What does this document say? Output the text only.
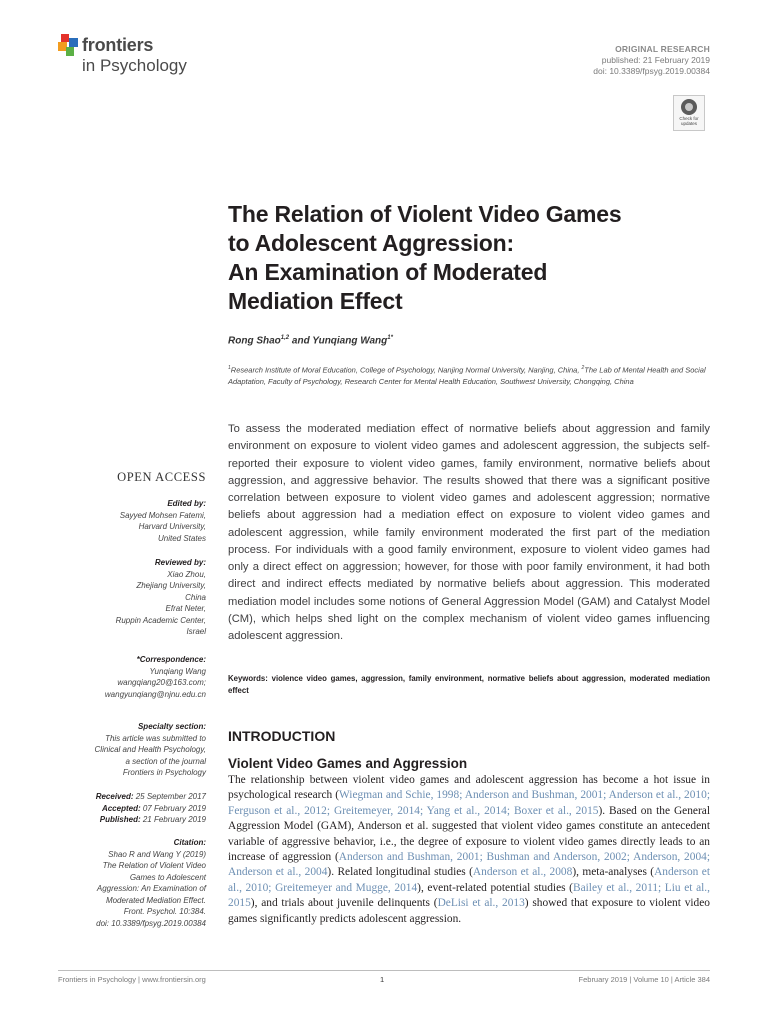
frontiers
in Psychology
ORIGINAL RESEARCH
published: 21 February 2019
doi: 10.3389/fpsyg.2019.00384
Check for
updates
The Relation of Violent Video Games
to Adolescent Aggression:
An Examination of Moderated
Mediation Effect
Rong Shao$^{1,2}$ and Yunqiang Wang$^{1*}$
$^1$Research Institute of Moral Education, College of Psychology, Nanjing Normal University, Nanjing, China, $^2$The Lab of Mental Health and Social Adaptation, Faculty of Psychology, Research Center for Mental Health Education, Southwest University, Chongqing, China
To assess the moderated mediation effect of normative beliefs about aggression and family environment on exposure to violent video games and adolescent aggression, the subjects self-reported their exposure to violent video games, family environment, normative beliefs about aggression, and aggressive behavior. The results showed that there was a significant positive correlation between exposure to violent video games and adolescent aggression; normative beliefs about aggression had a mediation effect on exposure to violent video games and adolescent aggression, while family environment moderated the first part of the mediation process. For individuals with a good family environment, exposure to violent video games had only a direct effect on aggression; however, for those with poor family environment, it had both direct and indirect effects mediated by normative beliefs about aggression. This moderated mediation model includes some notions of General Aggression Model (GAM) and Catalyst Model (CM), which helps shed light on the complex mechanism of violent video games influencing adolescent aggression.
Keywords: violence video games, aggression, family environment, normative beliefs about aggression, moderated mediation effect
OPEN ACCESS
Edited by:
Sayyed Mohsen Fatemi,
Harvard University,
United States
Reviewed by:
Xiao Zhou,
Zhejiang University,
China
Efrat Neter,
Ruppin Academic Center,
Israel
*Correspondence:
Yunqiang Wang
wangqiang20@163.com;
wangyunqiang@njnu.edu.cn
Specialty section:
This article was submitted to
Clinical and Health Psychology,
a section of the journal
Frontiers in Psychology
Received: 25 September 2017
Accepted: 07 February 2019
Published: 21 February 2019
Citation:
Shao R and Wang Y (2019)
The Relation of Violent Video
Games to Adolescent
Aggression: An Examination of
Moderated Mediation Effect.
Front. Psychol. 10:384.
doi: 10.3389/fpsyg.2019.00384
INTRODUCTION
Violent Video Games and Aggression
The relationship between violent video games and adolescent aggression has become a hot issue in psychological research (Wiegman and Schie, 1998; Anderson and Bushman, 2001; Anderson et al., 2010; Ferguson et al., 2012; Greitemeyer, 2014; Yang et al., 2014; Boxer et al., 2015). Based on the General Aggression Model (GAM), Anderson et al. suggested that violent video games constitute an antecedent variable of aggressive behavior, i.e., the degree of exposure to violent video games directly leads to an increase of aggression (Anderson and Bushman, 2001; Bushman and Anderson, 2002; Anderson, 2004; Anderson et al., 2004). Related longitudinal studies (Anderson et al., 2008), meta-analyses (Anderson et al., 2010; Greitemeyer and Mugge, 2014), event-related potential studies (Bailey et al., 2011; Liu et al., 2015), and trials about juvenile delinquents (DeLisi et al., 2013) showed that exposure to violent video games significantly predicts adolescent aggression.
Frontiers in Psychology | www.frontiersin.org	1	February 2019 | Volume 10 | Article 384
